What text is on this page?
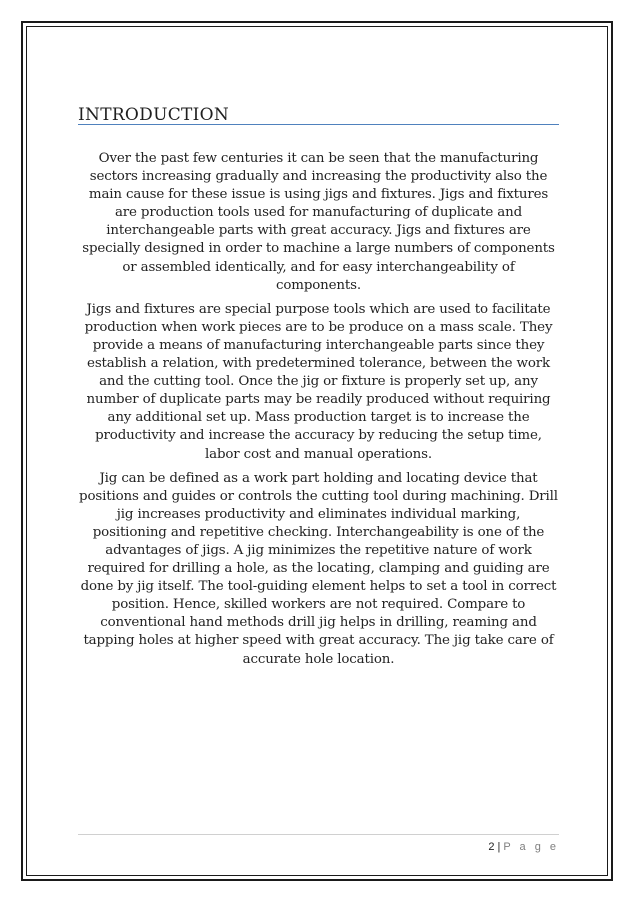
INTRODUCTION

Over the past few centuries it can be seen that the manufacturing sectors increasing gradually and increasing the productivity also the main cause for these issue is using jigs and fixtures. Jigs and fixtures are production tools used for manufacturing of duplicate and interchangeable parts with great accuracy. Jigs and fixtures are specially designed in order to machine a large numbers of components or assembled identically, and for easy interchangeability of components.

Jigs and fixtures are special purpose tools which are used to facilitate production when work pieces are to be produce on a mass scale. They provide a means of manufacturing interchangeable parts since they establish a relation, with predetermined tolerance, between the work and the cutting tool. Once the jig or fixture is properly set up, any number of duplicate parts may be readily produced without requiring any additional set up. Mass production target is to increase the productivity and increase the accuracy by reducing the setup time, labor cost and manual operations.

Jig can be defined as a work part holding and locating device that positions and guides or controls the cutting tool during machining. Drill jig increases productivity and eliminates individual marking, positioning and repetitive checking. Interchangeability is one of the advantages of jigs. A jig minimizes the repetitive nature of work required for drilling a hole, as the locating, clamping and guiding are done by jig itself. The tool-guiding element helps to set a tool in correct position. Hence, skilled workers are not required. Compare to conventional hand methods drill jig helps in drilling, reaming and tapping holes at higher speed with great accuracy. The jig take care of accurate hole location.

2 | P a g e
